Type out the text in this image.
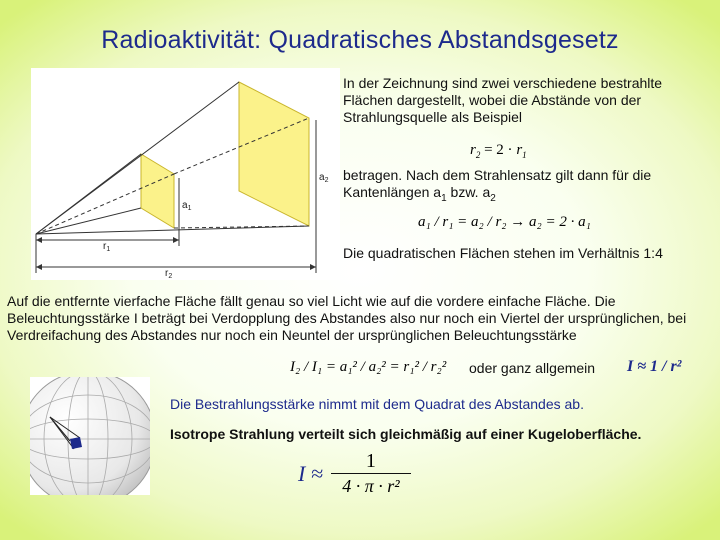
Radioaktivität: Quadratisches Abstandsgesetz
$a_1$
$a_2$
$r_1$
$r_2$
In der Zeichnung sind zwei verschiedene bestrahlte Flächen dargestellt, wobei die Abstände von der Strahlungsquelle als Beispiel
$r_2 = 2 \cdot r_1$
betragen. Nach dem Strahlensatz gilt dann für die Kantenlängen $a_1$ bzw. $a_2$
a₁ / r₁ = a₂ / r₂ → a₂ = 2 · a₁
Die quadratischen Flächen stehen im Verhältnis 1:4
Auf die entfernte vierfache Fläche fällt genau so viel Licht wie auf die vordere einfache Fläche. Die Beleuchtungsstärke I beträgt bei Verdopplung des Abstandes also nur noch ein Viertel der ursprünglichen, bei Verdreifachung des Abstandes nur noch ein Neuntel der ursprünglichen Beleuchtungsstärke
I₂ / I₁ = a₁² / a₂² = r₁² / r₂² oder ganz allgemein I ≈ 1 / r²
Die Bestrahlungsstärke nimmt mit dem Quadrat des Abstandes ab.
Isotrope Strahlung verteilt sich gleichmäßig auf einer Kugeloberfläche.
$I \approx \frac{1}{\text{4 · π · r²}}$
